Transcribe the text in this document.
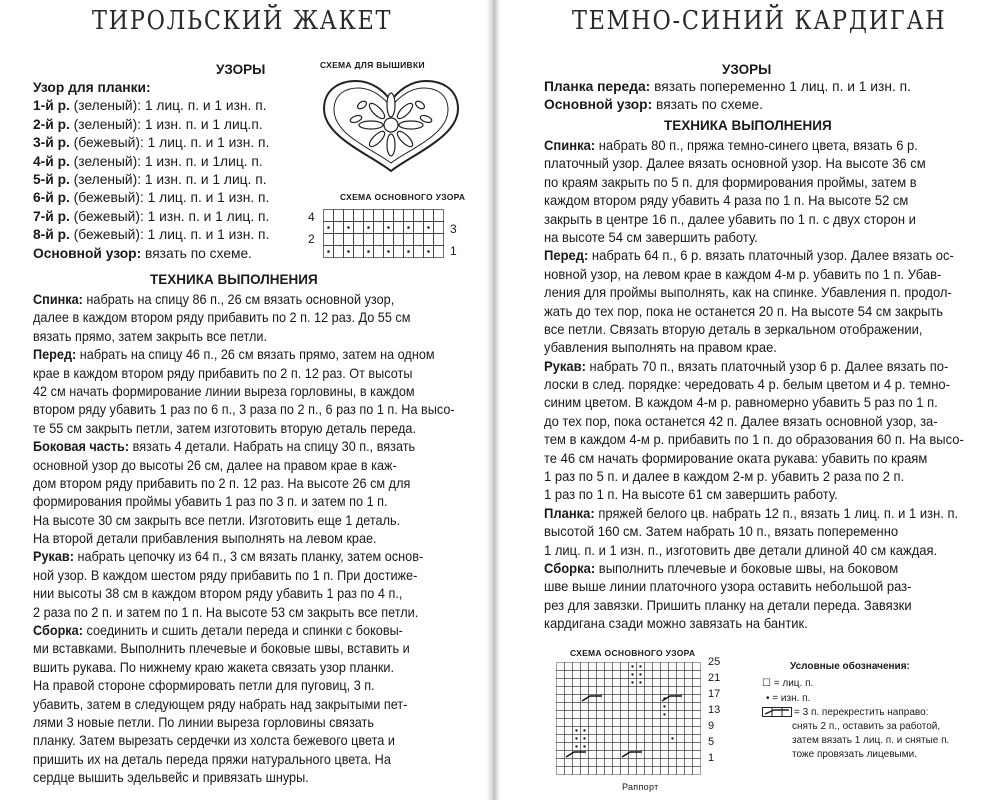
ТИРОЛЬСКИЙ ЖАКЕТ
УЗОРЫ
Узор для планки:
1-й р. (зеленый): 1 лиц. п. и 1 изн. п.
2-й р. (зеленый): 1 изн. п. и 1 лиц.п.
3-й р. (бежевый): 1 лиц. п. и 1 изн. п.
4-й р. (зеленый): 1 изн. п. и 1лиц. п.
5-й р. (зеленый): 1 изн. п. и 1 лиц. п.
6-й р. (бежевый): 1 лиц. п. и 1 изн. п.
7-й р. (бежевый): 1 изн. п. и 1 лиц. п.
8-й р. (бежевый): 1 лиц. п. и 1 изн. п.
Основной узор: вязать по схеме.
СХЕМА ДЛЯ ВЫШИВКИ
СХЕМА ОСНОВНОГО УЗОРА
4
2
3
1
ТЕХНИКА ВЫПОЛНЕНИЯ
Спинка: набрать на спицу 86 п., 26 см вязать основной узор,
далее в каждом втором ряду прибавить по 2 п. 12 раз. До 55 см
вязать прямо, затем закрыть все петли.
Перед: набрать на спицу 46 п., 26 см вязать прямо, затем на одном
крае в каждом втором ряду прибавить по 2 п. 12 раз. От высоты
42 см начать формирование линии выреза горловины, в каждом
втором ряду убавить 1 раз по 6 п., 3 раза по 2 п., 6 раз по 1 п. На высо-
те 55 см закрыть петли, затем изготовить вторую деталь переда.
Боковая часть: вязать 4 детали. Набрать на спицу 30 п., вязать
основной узор до высоты 26 см, далее на правом крае в каж-
дом втором ряду прибавить по 2 п. 12 раз. На высоте 26 см для
формирования проймы убавить 1 раз по 3 п. и затем по 1 п.
На высоте 30 см закрыть все петли. Изготовить еще 1 деталь.
На второй детали прибавления выполнять на левом крае.
Рукав: набрать цепочку из 64 п., 3 см вязать планку, затем основ-
ной узор. В каждом шестом ряду прибавить по 1 п. При достиже-
нии высоты 38 см в каждом втором ряду убавить 1 раз по 4 п.,
2 раза по 2 п. и затем по 1 п. На высоте 53 см закрыть все петли.
Сборка: соединить и сшить детали переда и спинки с боковы-
ми вставками. Выполнить плечевые и боковые швы, вставить и
вшить рукава. По нижнему краю жакета связать узор планки.
На правой стороне сформировать петли для пуговиц, 3 п.
убавить, затем в следующем ряду набрать над закрытыми пет-
лями 3 новые петли. По линии выреза горловины связать
планку. Затем вырезать сердечки из холста бежевого цвета и
пришить их на деталь переда пряжи натурального цвета. На
сердце вышить эдельвейс и привязать шнуры.
ТЕМНО-СИНИЙ КАРДИГАН
УЗОРЫ
Планка переда: вязать попеременно 1 лиц. п. и 1 изн. п.
Основной узор: вязать по схеме.
ТЕХНИКА ВЫПОЛНЕНИЯ
Спинка: набрать 80 п., пряжа темно-синего цвета, вязать 6 р.
платочный узор. Далее вязать основной узор. На высоте 36 см
по краям закрыть по 5 п. для формирования проймы, затем в
каждом втором ряду убавить 4 раза по 1 п. На высоте 52 см
закрыть в центре 16 п., далее убавить по 1 п. с двух сторон и
на высоте 54 см завершить работу.
Перед: набрать 64 п., 6 р. вязать платочный узор. Далее вязать ос-
новной узор, на левом крае в каждом 4-м р. убавить по 1 п. Убав-
ления для проймы выполнять, как на спинке. Убавления п. продол-
жать до тех пор, пока не останется 20 п. На высоте 54 см закрыть
все петли. Связать вторую деталь в зеркальном отображении,
убавления выполнять на правом крае.
Рукав: набрать 70 п., вязать платочный узор 6 р. Далее вязать по-
лоски в след. порядке: чередовать 4 р. белым цветом и 4 р. темно-
синим цветом. В каждом 4-м р. равномерно убавить 5 раз по 1 п.
до тех пор, пока останется 42 п. Далее вязать основной узор, за-
тем в каждом 4-м р. прибавить по 1 п. до образования 60 п. На высо-
те 46 см начать формирование оката рукава: убавить по краям
1 раз по 5 п. и далее в каждом 2-м р. убавить 2 раза по 2 п.
1 раз по 1 п. На высоте 61 см завершить работу.
Планка: пряжей белого цв. набрать 12 п., вязать 1 лиц. п. и 1 изн. п.
высотой 160 см. Затем набрать 10 п., вязать попеременно
1 лиц. п. и 1 изн. п., изготовить две детали длиной 40 см каждая.
Сборка: выполнить плечевые и боковые швы, на боковом
шве выше линии платочного узора оставить небольшой раз-
рез для завязки. Пришить планку на детали переда. Завязки
кардигана сзади можно завязать на бантик.
СХЕМА ОСНОВНОГО УЗОРА
25
21
17
13
9
5
1
Раппорт
Условные обозначения:
☐ = лиц. п.
• = изн. п.
= 3 п. перекрестить направо:
снять 2 п., оставить за работой,
затем вязать 1 лиц. п. и снятые п.
тоже провязать лицевыми.
